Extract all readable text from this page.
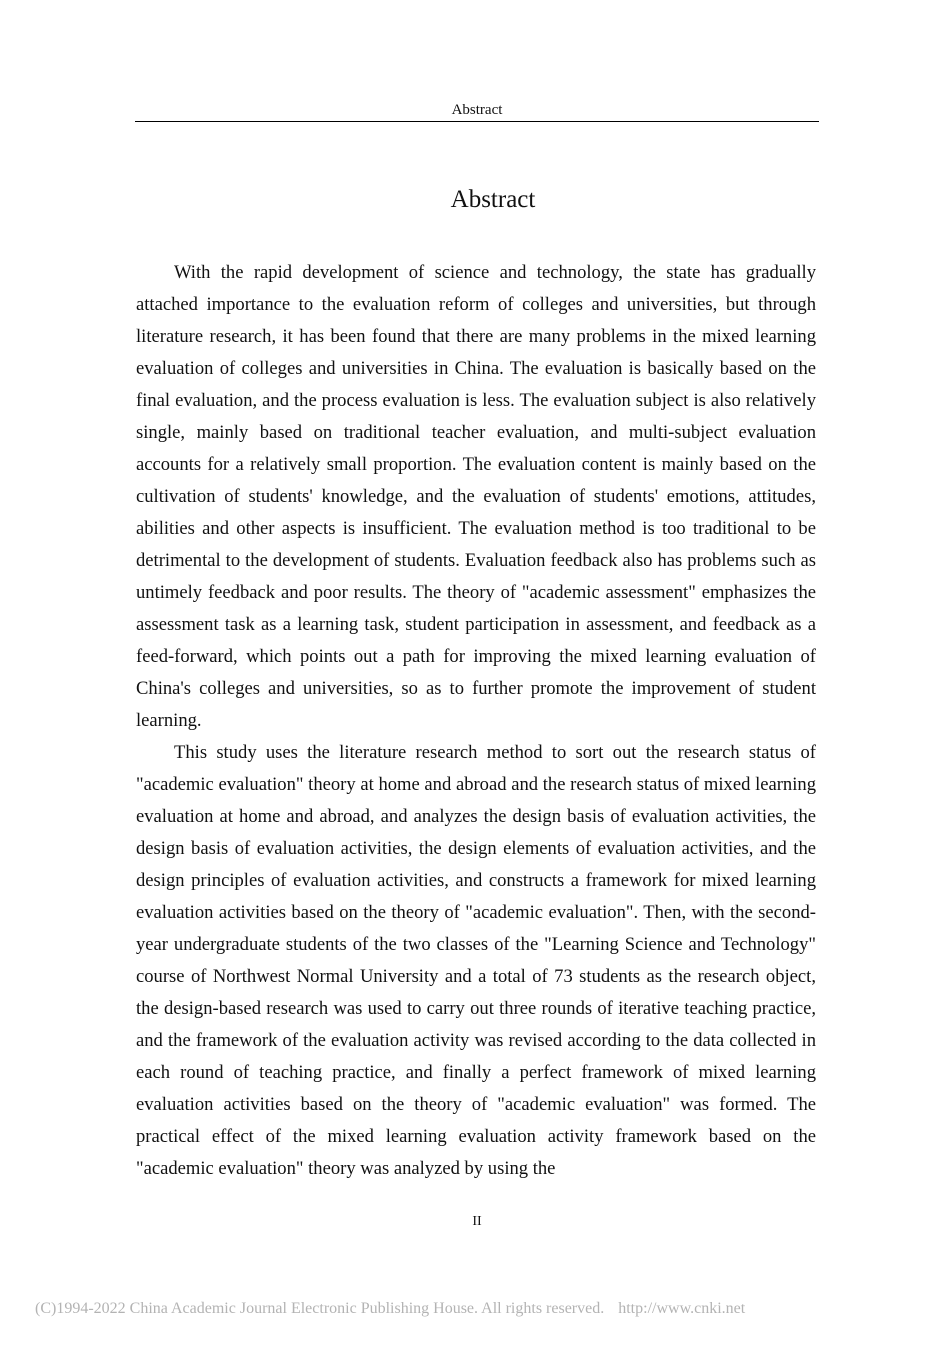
Abstract
Abstract

With the rapid development of science and technology, the state has gradually attached importance to the evaluation reform of colleges and universities, but through literature research, it has been found that there are many problems in the mixed learning evaluation of colleges and universities in China. The evaluation is basically based on the final evaluation, and the process evaluation is less. The evaluation subject is also relatively single, mainly based on traditional teacher evaluation, and multi-subject evaluation accounts for a relatively small proportion. The evaluation content is mainly based on the cultivation of students' knowledge, and the evaluation of students' emotions, attitudes, abilities and other aspects is insufficient. The evaluation method is too traditional to be detrimental to the development of students. Evaluation feedback also has problems such as untimely feedback and poor results. The theory of "academic assessment" emphasizes the assessment task as a learning task, student participation in assessment, and feedback as a feed-forward, which points out a path for improving the mixed learning evaluation of China's colleges and universities, so as to further promote the improvement of student learning.

This study uses the literature research method to sort out the research status of "academic evaluation" theory at home and abroad and the research status of mixed learning evaluation at home and abroad, and analyzes the design basis of evaluation activities, the design basis of evaluation activities, the design elements of evaluation activities, and the design principles of evaluation activities, and constructs a framework for mixed learning evaluation activities based on the theory of "academic evaluation". Then, with the second-year undergraduate students of the two classes of the "Learning Science and Technology" course of Northwest Normal University and a total of 73 students as the research object, the design-based research was used to carry out three rounds of iterative teaching practice, and the framework of the evaluation activity was revised according to the data collected in each round of teaching practice, and finally a perfect framework of mixed learning evaluation activities based on the theory of "academic evaluation" was formed. The practical effect of the mixed learning evaluation activity framework based on the "academic evaluation" theory was analyzed by using the

II
(C)1994-2022 China Academic Journal Electronic Publishing House. All rights reserved. http://www.cnki.net
